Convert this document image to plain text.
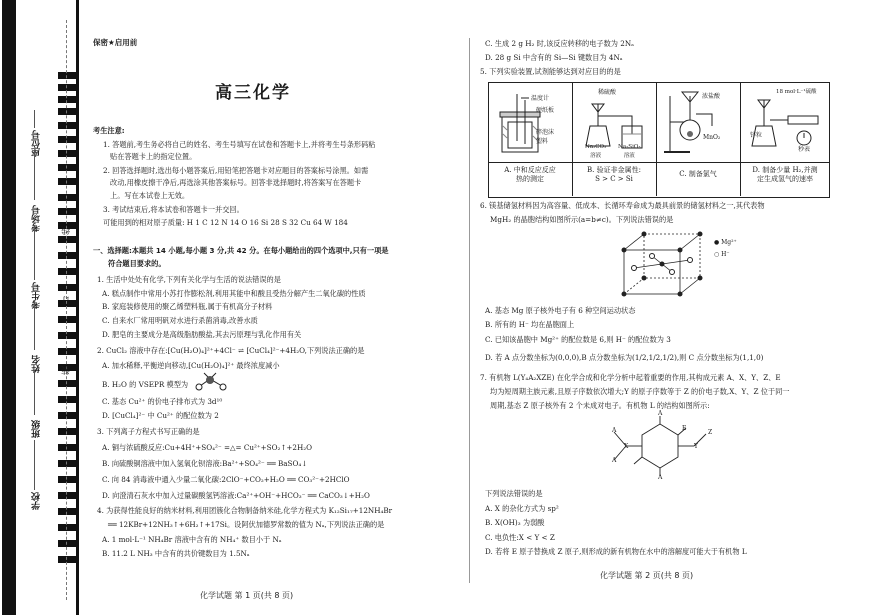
座位号
考场号
考生号
姓名
班级
学校
线
订
装
保密★启用前
高三化学
考生注意:
1. 答题前,考生务必将自己的姓名、考生号填写在试卷和答题卡上,并将考生号条形码粘
贴在答题卡上的指定位置。
2. 回答选择题时,选出每小题答案后,用铅笔把答题卡对应题目的答案标号涂黑。如需
改动,用橡皮擦干净后,再选涂其他答案标号。回答非选择题时,将答案写在答题卡
上。写在本试卷上无效。
3. 考试结束后,将本试卷和答题卡一并交回。
可能用到的相对原子质量: H 1 C 12 N 14 O 16 Si 28 S 32 Cu 64 W 184
一、选择题:本题共 14 小题,每小题 3 分,共 42 分。在每小题给出的四个选项中,只有一项是
符合题目要求的。
1. 生活中处处有化学,下列有关化学与生活的说法错误的是
A. 糕点制作中常用小苏打作膨松剂,利用其能中和酸且受热分解产生二氧化碳的性质
B. 家庭装修使用的聚乙烯塑料瓶,属于有机高分子材料
C. 自来水厂常用明矾对水进行杀菌消毒,改善水质
D. 肥皂的主要成分是高级脂肪酸盐,其去污原理与乳化作用有关
2. CuCl₂ 溶液中存在:[Cu(H₂O)₄]²⁺+4Cl⁻ ⇌ [CuCl₄]²⁻+4H₂O,下列说法正确的是
A. 加水稀释,平衡逆向移动,[Cu(H₂O)₄]²⁺ 最终浓度减小
B. H₂O 的 VSEPR 模型为
C. 基态 Cu²⁺ 的价电子排布式为 3d¹⁰
D. [CuCl₄]²⁻ 中 Cu²⁺ 的配位数为 2
3. 下列离子方程式书写正确的是
A. 铜与浓硫酸反应:Cu+4H⁺+SO₄²⁻ =△= Cu²⁺+SO₂↑+2H₂O
B. 向硫酸铜溶液中加入氢氧化钡溶液:Ba²⁺+SO₄²⁻ ══ BaSO₄↓
C. 向 84 消毒液中通入少量二氧化碳:2ClO⁻+CO₂+H₂O ══ CO₃²⁻+2HClO
D. 向澄清石灰水中加入过量碳酸氢钙溶液:Ca²⁺+OH⁻+HCO₃⁻ ══ CaCO₃↓+H₂O
4. 为获得性能良好的纳米材料,利用团簇化合物制备纳米硅,化学方程式为 K₁₂Si₁₇+12NH₄Br
══ 12KBr+12NH₃↑+6H₂↑+17Si。设阿伏加德罗常数的值为 Nₐ,下列说法正确的是
A. 1 mol·L⁻¹ NH₄Br 溶液中含有的 NH₄⁺ 数目小于 Nₐ
B. 11.2 L NH₃ 中含有的共价键数目为 1.5Nₐ
化学试题 第 1 页(共 8 页)
C. 生成 2 g H₂ 时,该反应转移的电子数为 2Nₐ
D. 28 g Si 中含有的 Si—Si 键数目为 4Nₐ
5. 下列实验装置,试剂能够达到对应目的的是
温度计
硬纸板
碎泡沫
塑料
稀硫酸
Na₂CO₃
溶液
Na₂SiO₃
溶液
浓盐酸
MnO₂
18 mol·L⁻¹硫酸
锌粒
秒表
A. 中和反应反应
热的测定
B. 验证非金属性:
S > C > Si
C. 制备氯气	D. 制备少量 H₂,并测
定生成氢气的速率
6. 镁基储氢材料因为高容量、低成本、长循环寿命成为最具前景的储氢材料之一,其代表物
MgH₂ 的晶胞结构如图所示(a=b≠c)。下列说法错误的是
● Mg²⁺
○ H⁻
A. 基态 Mg 原子核外电子有 6 种空间运动状态
B. 所有的 H⁻ 均在晶胞面上
C. 已知该晶胞中 Mg²⁺ 的配位数是 6,则 H⁻ 的配位数为 3
D. 若 A 点分数坐标为(0,0,0),B 点分数坐标为(1/2,1/2,1/2),则 C 点分数坐标为(1,1,0)
7. 有机物 L(Y₄A₂XZE) 在化学合成和化学分析中起着重要的作用,其构成元素 A、X、Y、Z、E
均为短周期主族元素,且原子序数依次增大;Y 的原子序数等于 Z 的价电子数,X、Y、Z 位于同一
周期,基态 Z 原子核外有 2 个未成对电子。有机物 L 的结构如图所示:
A
A
A
A
X	Y
Z
E
下列说法错误的是
A. X 的杂化方式为 sp²
B. X(OH)₃ 为弱酸
C. 电负性:X < Y < Z
D. 若将 E 原子替换成 Z 原子,则形成的新有机物在水中的溶解度可能大于有机物 L
化学试题 第 2 页(共 8 页)
